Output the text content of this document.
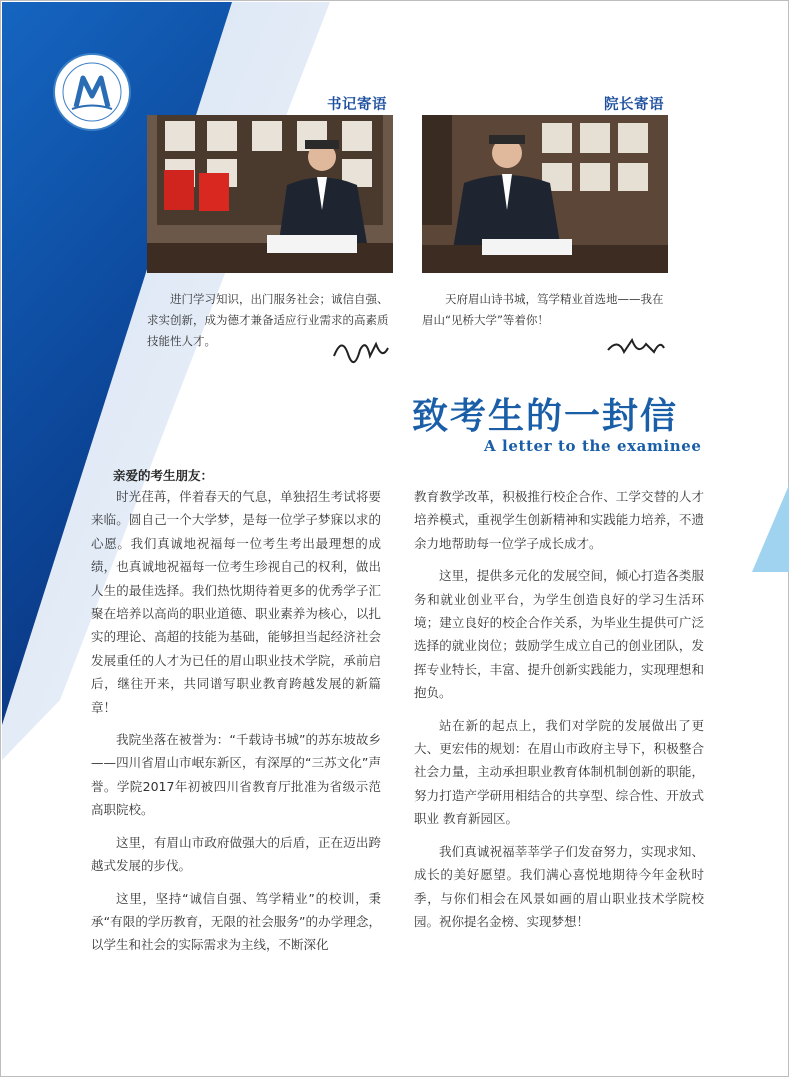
书记寄语

进门学习知识，出门服务社会；诚信自强、求实创新，成为德才兼备适应行业需求的高素质技能性人才。

院长寄语

天府眉山诗书城，笃学精业首选地——我在眉山“见桥大学”等着你！

致考生的一封信
A letter to the examinee
亲爱的考生朋友：

时光荏苒，伴着春天的气息，单独招生考试将要来临。圆自己一个大学梦，是每一位学子梦寐以求的心愿。我们真诚地祝福每一位考生考出最理想的成绩，也真诚地祝福每一位考生珍视自己的权利，做出人生的最佳选择。我们热忱期待着更多的优秀学子汇聚在培养以高尚的职业道德、职业素养为核心，以扎实的理论、高超的技能为基础，能够担当起经济社会发展重任的人才为已任的眉山职业技术学院，承前启后，继往开来，共同谱写职业教育跨越发展的新篇章！

我院坐落在被誉为：“千载诗书城”的苏东坡故乡——四川省眉山市岷东新区，有深厚的“三苏文化”声誉。学院2017年初被四川省教育厅批准为省级示范高职院校。

这里，有眉山市政府做强大的后盾，正在迈出跨越式发展的步伐。

这里，坚持“诚信自强、笃学精业”的校训，秉承“有限的学历教育，无限的社会服务”的办学理念，以学生和社会的实际需求为主线，不断深化

教育教学改革，积极推行校企合作、工学交替的人才培养模式，重视学生创新精神和实践能力培养，不遗余力地帮助每一位学子成长成才。

这里，提供多元化的发展空间，倾心打造各类服务和就业创业平台，为学生创造良好的学习生活环境；建立良好的校企合作关系，为毕业生提供可广泛选择的就业岗位；鼓励学生成立自己的创业团队，发挥专业特长，丰富、提升创新实践能力，实现理想和抱负。

站在新的起点上，我们对学院的发展做出了更大、更宏伟的规划：在眉山市政府主导下，积极整合社会力量，主动承担职业教育体制机制创新的职能，努力打造产学研用相结合的共享型、综合性、开放式职业 教育新园区。

我们真诚祝福莘莘学子们发奋努力，实现求知、成长的美好愿望。我们满心喜悦地期待今年金秋时季，与你们相会在风景如画的眉山职业技术学院校园。祝你提名金榜、实现梦想！
